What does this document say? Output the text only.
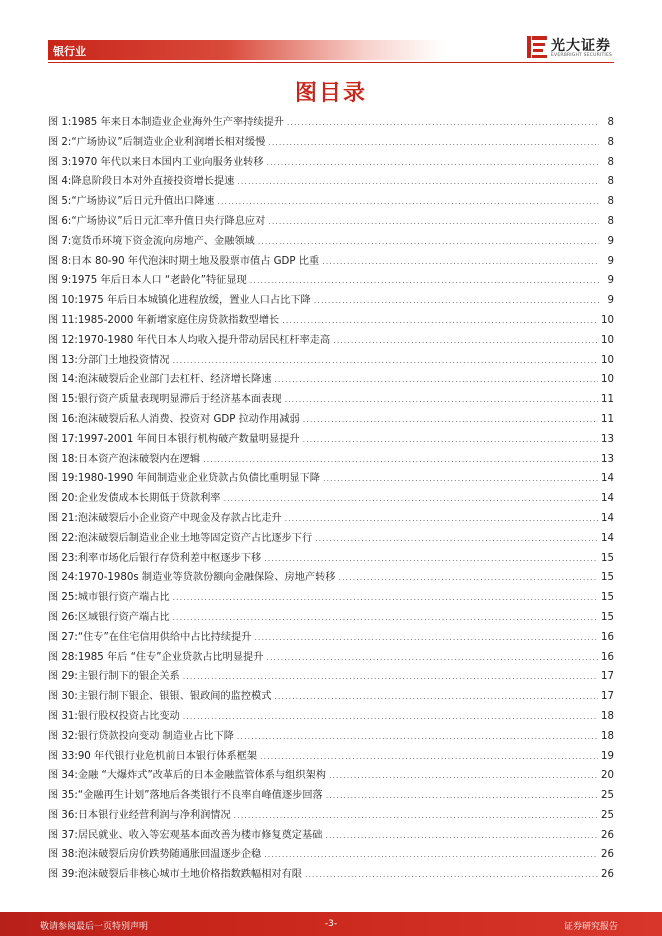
银行业	光大证券
EVERBRIGHT SECURITIES
图目录
图 1: 1985 年来日本制造业企业海外生产率持续提升 .....	8
图 2: “广场协议”后制造业企业利润增长相对缓慢 .....	8
图 3: 1970 年代以来日本国内工业向服务业转移 .....	8
图 4: 降息阶段日本对外直接投资增长提速 .....	8
图 5: “广场协议”后日元升值出口降速 .....	8
图 6: “广场协议”后日元汇率升值日央行降息应对 .....	8
图 7: 宽货币环境下资金流向房地产、金融领域 .....	9
图 8: 日本 80-90 年代泡沫时期土地及股票市值占 GDP 比重 .....	9
图 9: 1975 年后日本人口 “老龄化”特征显现 .....	9
图 10: 1975 年后日本城镇化进程放缓，置业人口占比下降 .....	9
图 11: 1985-2000 年新增家庭住房贷款指数型增长 .....	10
图 12: 1970-1980 年代日本人均收入提升带动居民杠杆率走高 .....	10
图 13: 分部门土地投资情况 .....	10
图 14: 泡沫破裂后企业部门去杠杆、经济增长降速 .....	10
图 15: 银行资产质量表现明显滞后于经济基本面表现 .....	11
图 16: 泡沫破裂后私人消费、投资对 GDP 拉动作用减弱 .....	11
图 17: 1997-2001 年间日本银行机构破产数量明显提升 .....	13
图 18: 日本资产泡沫破裂内在逻辑 .....	13
图 19: 1980-1990 年间制造业企业贷款占负债比重明显下降 .....	14
图 20: 企业发债成本长期低于贷款利率 .....	14
图 21: 泡沫破裂后小企业资产中现金及存款占比走升 .....	14
图 22: 泡沫破裂后制造业企业土地等固定资产占比逐步下行 .....	14
图 23: 利率市场化后银行存贷利差中枢逐步下移 .....	15
图 24: 1970-1980s 制造业等贷款份额向金融保险、房地产转移 .....	15
图 25: 城市银行资产端占比 .....	15
图 26: 区域银行资产端占比 .....	15
图 27: “住专”在住宅信用供给中占比持续提升 .....	16
图 28: 1985 年后 “住专”企业贷款占比明显提升 .....	16
图 29: 主银行制下的银企关系 .....	17
图 30: 主银行制下银企、银银、银政间的监控模式 .....	17
图 31: 银行股权投资占比变动 .....	18
图 32: 银行贷款投向变动 制造业占比下降 .....	18
图 33: 90 年代银行业危机前日本银行体系框架 .....	19
图 34: 金融 “大爆炸式”改革后的日本金融监管体系与组织架构 .....	20
图 35: “金融再生计划”落地后各类银行不良率自峰值逐步回落 .....	25
图 36: 日本银行业经营利润与净利润情况 .....	25
图 37: 居民就业、收入等宏观基本面改善为楼市修复奠定基础 .....	26
图 38: 泡沫破裂后房价跌势随通胀回温逐步企稳 .....	26
图 39: 泡沫破裂后非核心城市土地价格指数跌幅相对有限 .....	26
敬请参阅最后一页特别声明	-3-	证券研究报告
